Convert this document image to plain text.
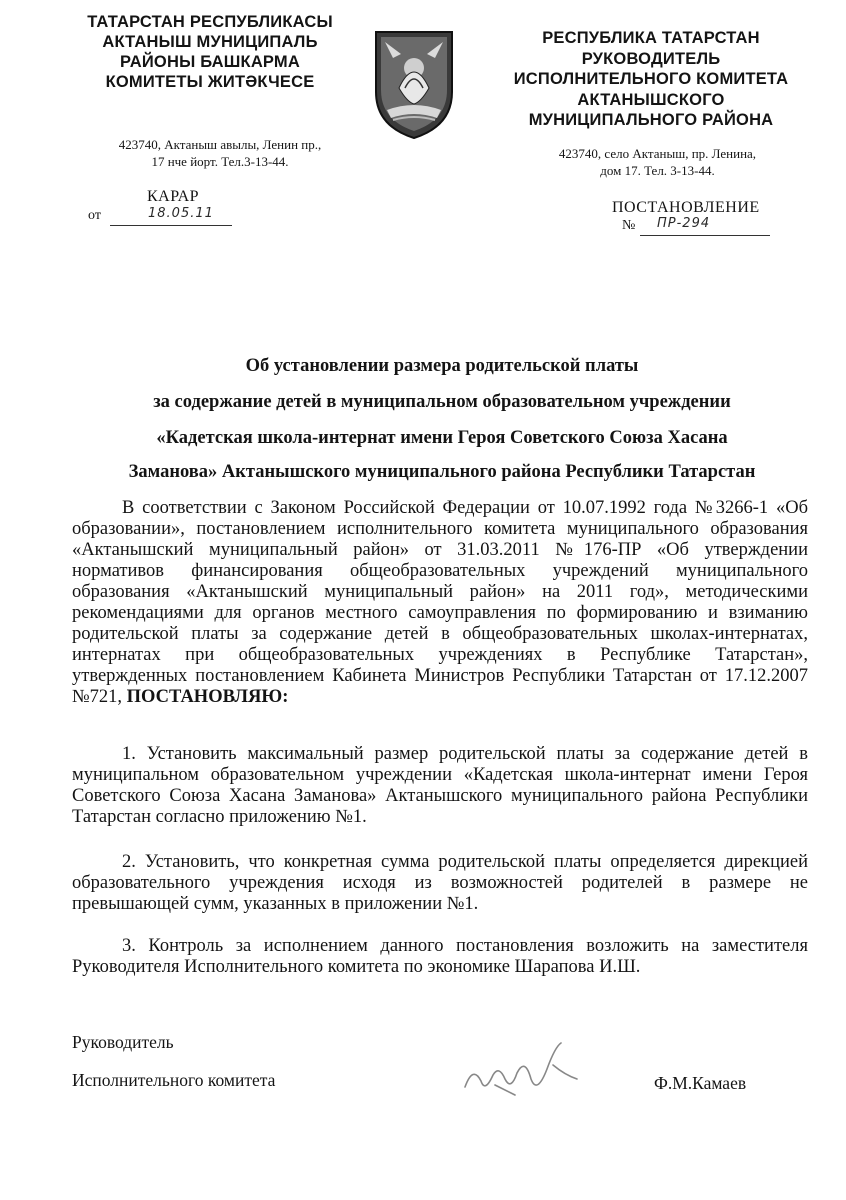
ТАТАРСТАН РЕСПУБЛИКАСЫ
АКТАНЫШ МУНИЦИПАЛЬ
РАЙОНЫ БАШКАРМА
КОМИТЕТЫ ЖИТӘКЧЕСЕ
423740, Актаныш авылы, Ленин пр.,
17 нче йорт. Тел.3-13-44.
КАРАР
от	18.05.11
РЕСПУБЛИКА ТАТАРСТАН
РУКОВОДИТЕЛЬ
ИСПОЛНИТЕЛЬНОГО КОМИТЕТА
АКТАНЫШСКОГО
МУНИЦИПАЛЬНОГО РАЙОНА
423740, село Актаныш, пр. Ленина,
дом 17. Тел. 3-13-44.
ПОСТАНОВЛЕНИЕ
№ ПР-294
Об установлении размера родительской платы
за содержание детей в муниципальном образовательном учреждении
«Кадетская школа-интернат имени Героя Советского Союза Хасана
Заманова» Актанышского муниципального района Республики Татарстан
В соответствии с Законом Российской Федерации от 10.07.1992 года №3266-1 «Об образовании», постановлением исполнительного комитета муниципального образования «Актанышский муниципальный район» от 31.03.2011 №176-ПР «Об утверждении нормативов финансирования общеобразовательных учреждений муниципального образования «Актанышский муниципальный район» на 2011 год», методическими рекомендациями для органов местного самоуправления по формированию и взиманию родительской платы за содержание детей в общеобразовательных школах-интернатах, интернатах при общеобразовательных учреждениях в Республике Татарстан», утвержденных постановлением Кабинета Министров Республики Татарстан от 17.12.2007 №721, ПОСТАНОВЛЯЮ:
1. Установить максимальный размер родительской платы за содержание детей в муниципальном образовательном учреждении «Кадетская школа-интернат имени Героя Советского Союза Хасана Заманова» Актанышского муниципального района Республики Татарстан согласно приложению №1.
2. Установить, что конкретная сумма родительской платы определяется дирекцией образовательного учреждения исходя из возможностей родителей в размере не превышающей сумм, указанных в приложении №1.
3. Контроль за исполнением данного постановления возложить на заместителя Руководителя Исполнительного комитета по экономике Шарапова И.Ш.
Руководитель
Исполнительного комитета	Ф.М.Камаев
